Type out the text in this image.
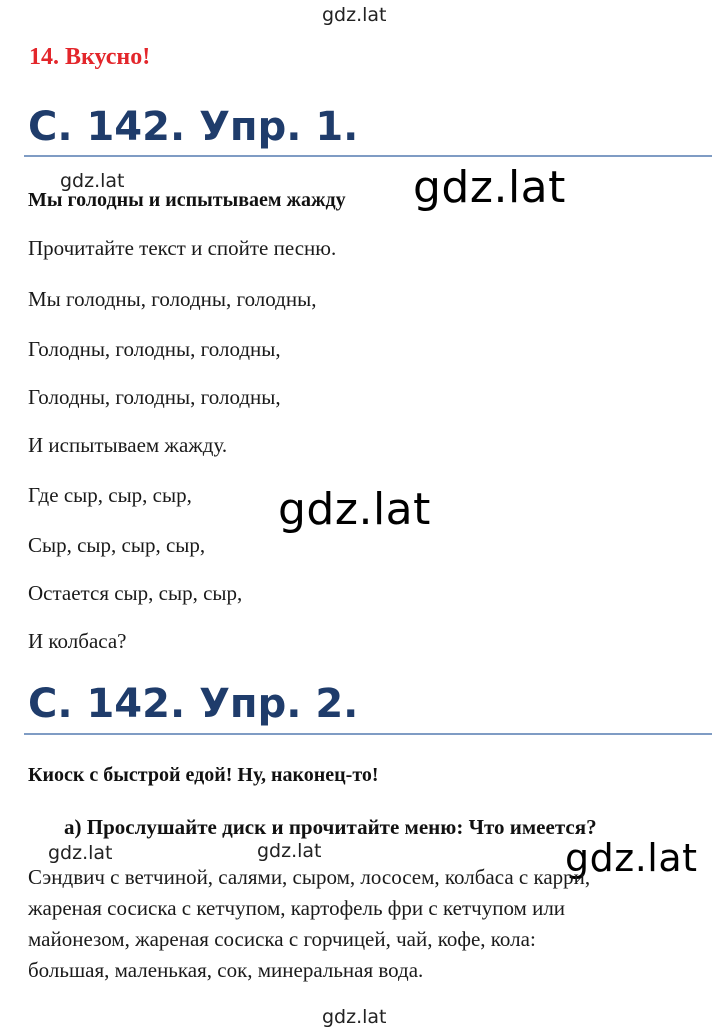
gdz.lat
14. Вкусно!
С. 142. Упр. 1.
gdz.lat
Мы голодны и испытываем жажду gdz.lat
Прочитайте текст и спойте песню.
Мы голодны, голодны, голодны,
Голодны, голодны, голодны,
Голодны, голодны, голодны,
И испытываем жажду.
Где сыр, сыр, сыр, gdz.lat
Сыр, сыр, сыр, сыр,
Остается сыр, сыр, сыр,
И колбаса?
С. 142. Упр. 2.
Киоск с быстрой едой! Ну, наконец-то!
а) Прослушайте диск и прочитайте меню: Что имеется?
gdz.lat	gdz.lat	gdz.lat
Сэндвич с ветчиной, салями, сыром, лососем, колбаса с карри,
жареная сосиска с кетчупом, картофель фри с кетчупом или
майонезом, жареная сосиска с горчицей, чай, кофе, кола:
большая, маленькая, сок, минеральная вода.
gdz.lat
